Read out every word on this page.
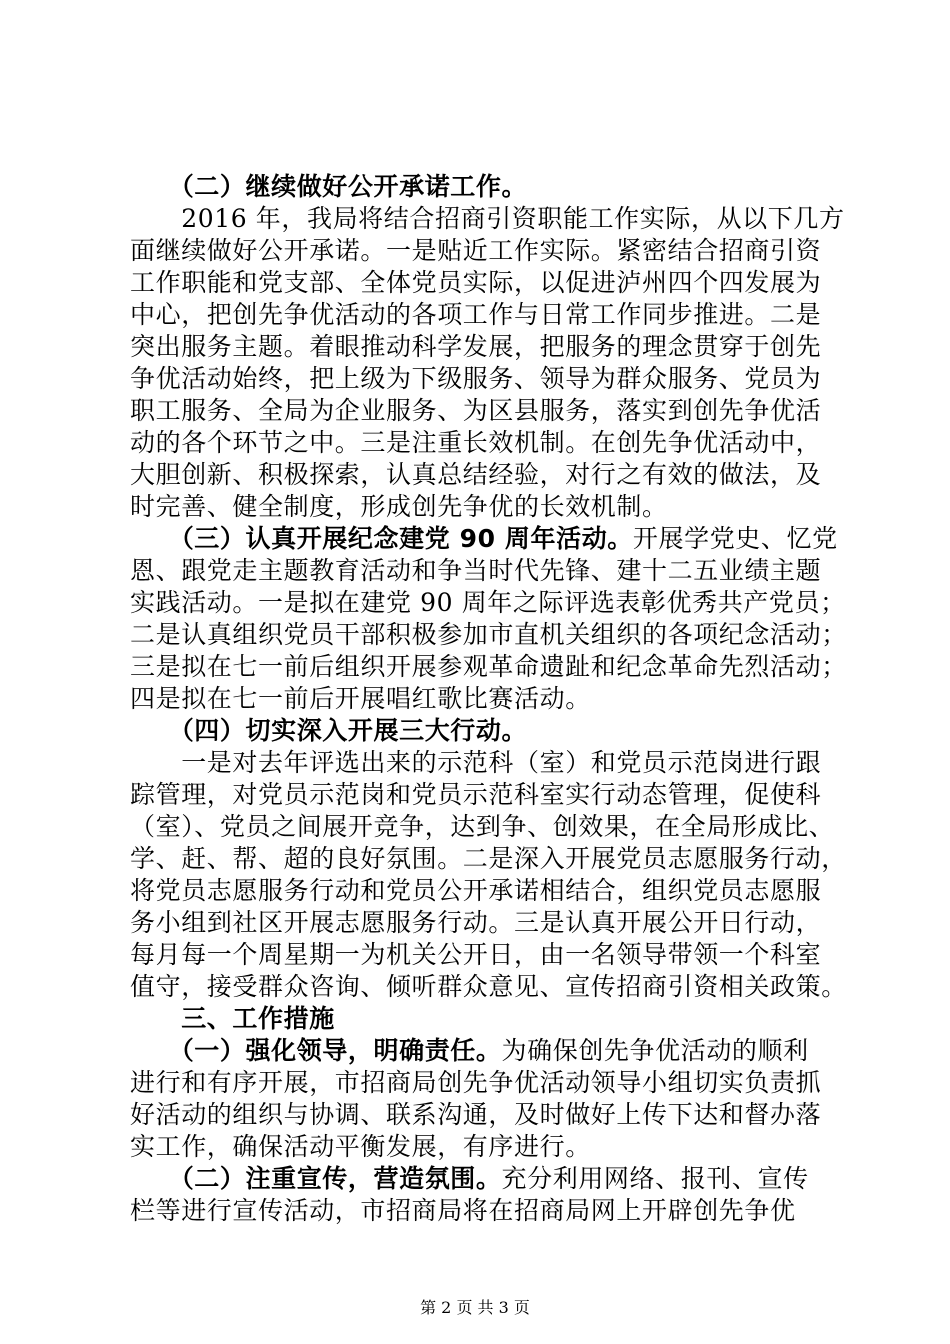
　　（二）继续做好公开承诺工作。
　　2016 年，我局将结合招商引资职能工作实际，从以下几方
面继续做好公开承诺。一是贴近工作实际。紧密结合招商引资
工作职能和党支部、全体党员实际，以促进泸州四个四发展为
中心，把创先争优活动的各项工作与日常工作同步推进。二是
突出服务主题。着眼推动科学发展，把服务的理念贯穿于创先
争优活动始终，把上级为下级服务、领导为群众服务、党员为
职工服务、全局为企业服务、为区县服务，落实到创先争优活
动的各个环节之中。三是注重长效机制。在创先争优活动中，
大胆创新、积极探索，认真总结经验，对行之有效的做法，及
时完善、健全制度，形成创先争优的长效机制。
　　（三）认真开展纪念建党 90 周年活动。开展学党史、忆党
恩、跟党走主题教育活动和争当时代先锋、建十二五业绩主题
实践活动。一是拟在建党 90 周年之际评选表彰优秀共产党员；
二是认真组织党员干部积极参加市直机关组织的各项纪念活动；
三是拟在七一前后组织开展参观革命遗趾和纪念革命先烈活动；
四是拟在七一前后开展唱红歌比赛活动。
　　（四）切实深入开展三大行动。
　　一是对去年评选出来的示范科（室）和党员示范岗进行跟
踪管理，对党员示范岗和党员示范科室实行动态管理，促使科
（室）、党员之间展开竞争，达到争、创效果，在全局形成比、
学、赶、帮、超的良好氛围。二是深入开展党员志愿服务行动，
将党员志愿服务行动和党员公开承诺相结合，组织党员志愿服
务小组到社区开展志愿服务行动。三是认真开展公开日行动，
每月每一个周星期一为机关公开日，由一名领导带领一个科室
值守，接受群众咨询、倾听群众意见、宣传招商引资相关政策。
　　三、工作措施
　　（一）强化领导，明确责任。为确保创先争优活动的顺利
进行和有序开展，市招商局创先争优活动领导小组切实负责抓
好活动的组织与协调、联系沟通，及时做好上传下达和督办落
实工作，确保活动平衡发展，有序进行。
　　（二）注重宣传，营造氛围。充分利用网络、报刊、宣传
栏等进行宣传活动，市招商局将在招商局网上开辟创先争优
第 2 页 共 3 页
